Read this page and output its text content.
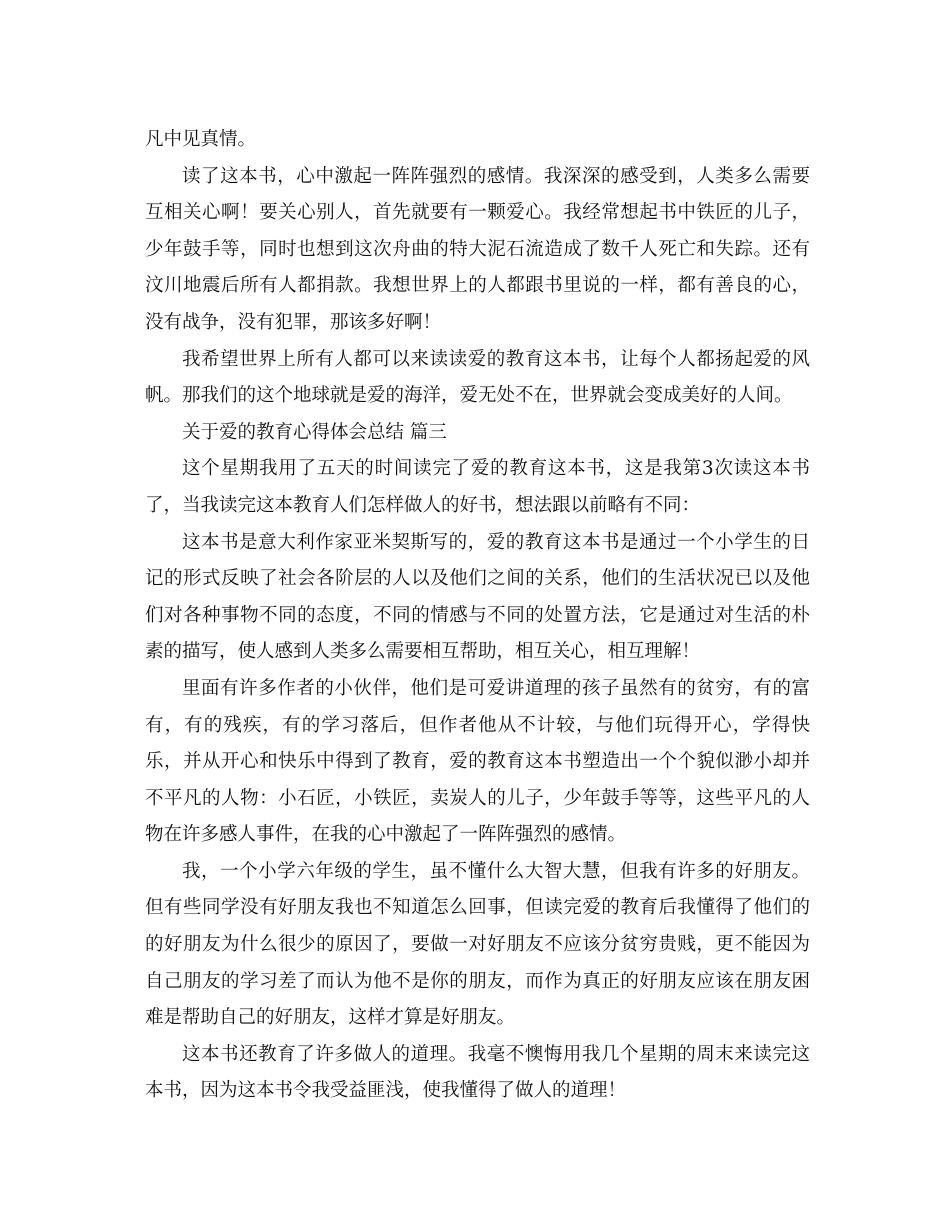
凡中见真情。

读了这本书，心中激起一阵阵强烈的感情。我深深的感受到，人类多么需要互相关心啊！要关心别人，首先就要有一颗爱心。我经常想起书中铁匠的儿子，少年鼓手等，同时也想到这次舟曲的特大泥石流造成了数千人死亡和失踪。还有汶川地震后所有人都捐款。我想世界上的人都跟书里说的一样，都有善良的心，没有战争，没有犯罪，那该多好啊！

我希望世界上所有人都可以来读读爱的教育这本书，让每个人都扬起爱的风帆。那我们的这个地球就是爱的海洋，爱无处不在，世界就会变成美好的人间。

关于爱的教育心得体会总结 篇三

这个星期我用了五天的时间读完了爱的教育这本书，这是我第3次读这本书了，当我读完这本教育人们怎样做人的好书，想法跟以前略有不同：

这本书是意大利作家亚米契斯写的，爱的教育这本书是通过一个小学生的日记的形式反映了社会各阶层的人以及他们之间的关系，他们的生活状况已以及他们对各种事物不同的态度，不同的情感与不同的处置方法，它是通过对生活的朴素的描写，使人感到人类多么需要相互帮助，相互关心，相互理解！

里面有许多作者的小伙伴，他们是可爱讲道理的孩子虽然有的贫穷，有的富有，有的残疾，有的学习落后，但作者他从不计较，与他们玩得开心，学得快乐，并从开心和快乐中得到了教育，爱的教育这本书塑造出一个个貌似渺小却并不平凡的人物：小石匠，小铁匠，卖炭人的儿子，少年鼓手等等，这些平凡的人物在许多感人事件，在我的心中激起了一阵阵强烈的感情。

我，一个小学六年级的学生，虽不懂什么大智大慧，但我有许多的好朋友。但有些同学没有好朋友我也不知道怎么回事，但读完爱的教育后我懂得了他们的的好朋友为什么很少的原因了，要做一对好朋友不应该分贫穷贵贱，更不能因为自己朋友的学习差了而认为他不是你的朋友，而作为真正的好朋友应该在朋友困难是帮助自己的好朋友，这样才算是好朋友。

这本书还教育了许多做人的道理。我毫不懊悔用我几个星期的周末来读完这本书，因为这本书令我受益匪浅，使我懂得了做人的道理！
